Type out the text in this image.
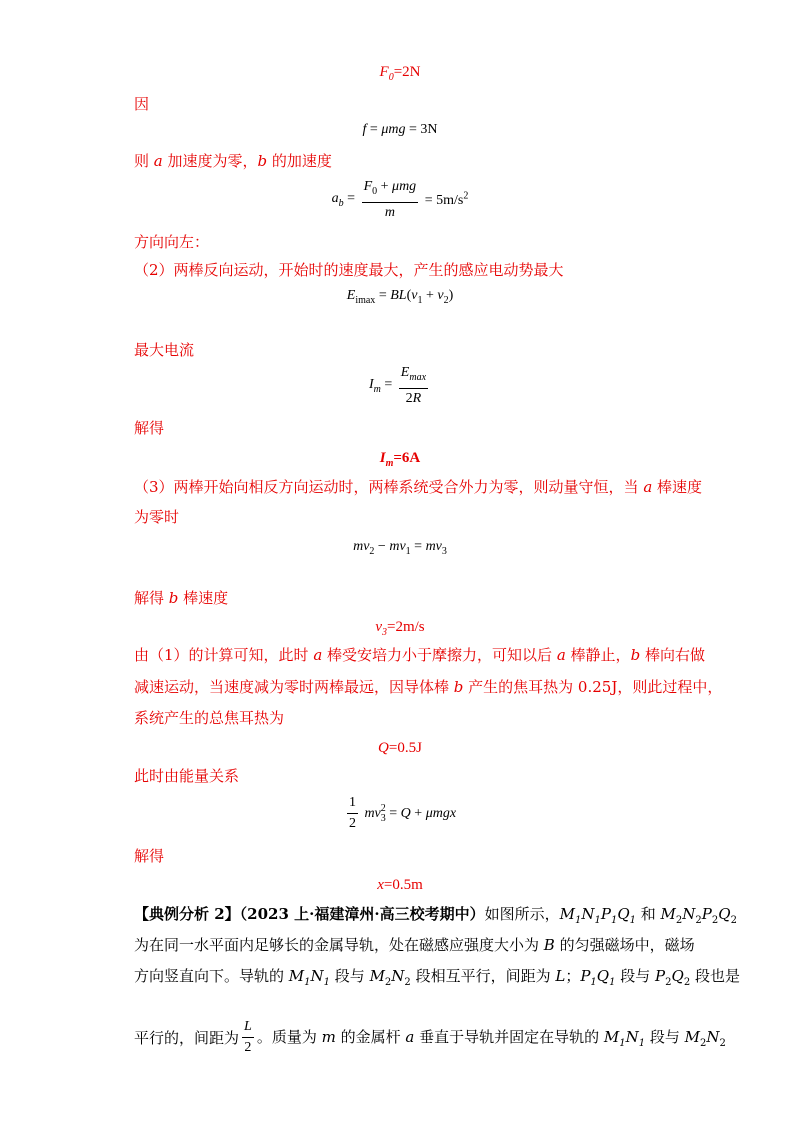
$F_0=2N$
因
f = μmg = 3N
则 a 加速度为零，b 的加速度
$a_b = \frac{F_0 + \mu mg}{m} = 5m/s^2$
方向向左：
（2）两棒反向运动，开始时的速度最大，产生的感应电动势最大
$E_{imax} = BL(v_1 + v_2)$
最大电流
$I_m = \frac{E_{max}}{2R}$
解得
$I_m=6A$
（3）两棒开始向相反方向运动时，两棒系统受合外力为零，则动量守恒，当 a 棒速度
为零时
$mv_2 - mv_1 = mv_3$
解得 b 棒速度
$v_3=2m/s$
由（1）的计算可知，此时 a 棒受安培力小于摩擦力，可知以后 a 棒静止，b 棒向右做
减速运动，当速度减为零时两棒最远，因导体棒 b 产生的焦耳热为 0.25J，则此过程中，
系统产生的总焦耳热为
Q=0.5J
此时由能量关系
$\frac{1}{2} mv_3^2 = Q + \mu mgx$
解得
x=0.5m
【典例分析 2】（2023 上·福建漳州·高三校考期中）如图所示，$M_1N_1P_1Q_1$ 和 $M_2N_2P_2Q_2$
为在同一水平面内足够长的金属导轨，处在磁感应强度大小为 B 的匀强磁场中，磁场
方向竖直向下。导轨的 $M_1N_1$ 段与 $M_2N_2$ 段相互平行，间距为 L；$P_1Q_1$ 段与 $P_2Q_2$ 段也是
平行的，间距为 $\frac{L}{2}$ 。质量为 m 的金属杆 a 垂直于导轨并固定在导轨的 $M_1N_1$ 段与 $M_2N_2$
